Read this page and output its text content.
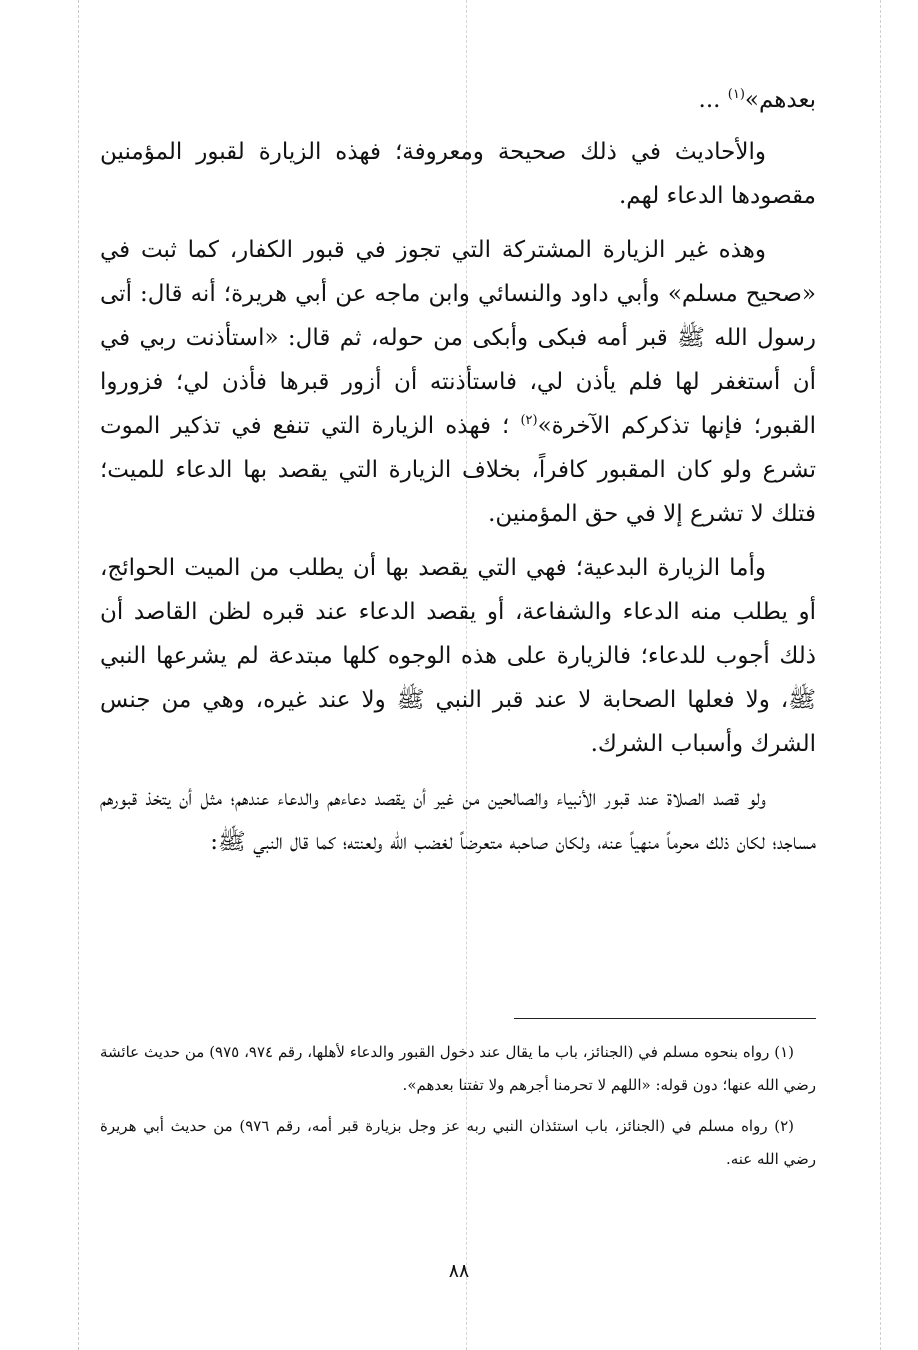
بعدهم»$^{(١)}$ ...

والأحاديث في ذلك صحيحة ومعروفة؛ فهذه الزيارة لقبور المؤمنين مقصودها الدعاء لهم.

وهذه غير الزيارة المشتركة التي تجوز في قبور الكفار، كما ثبت في «صحيح مسلم» وأبي داود والنسائي وابن ماجه عن أبي هريرة؛ أنه قال: أتى رسول الله ﷺ قبر أمه فبكى وأبكى من حوله، ثم قال: «استأذنت ربي في أن أستغفر لها فلم يأذن لي، فاستأذنته أن أزور قبرها فأذن لي؛ فزوروا القبور؛ فإنها تذكركم الآخرة»$^{(٢)}$ ؛ فهذه الزيارة التي تنفع في تذكير الموت تشرع ولو كان المقبور كافراً، بخلاف الزيارة التي يقصد بها الدعاء للميت؛ فتلك لا تشرع إلا في حق المؤمنين.

وأما الزيارة البدعية؛ فهي التي يقصد بها أن يطلب من الميت الحوائج، أو يطلب منه الدعاء والشفاعة، أو يقصد الدعاء عند قبره لظن القاصد أن ذلك أجوب للدعاء؛ فالزيارة على هذه الوجوه كلها مبتدعة لم يشرعها النبي ﷺ، ولا فعلها الصحابة لا عند قبر النبي ﷺ ولا عند غيره، وهي من جنس الشرك وأسباب الشرك.

ولو قصد الصلاة عند قبور الأنبياء والصالحين من غير أن يقصد دعاءهم والدعاء عندهم؛ مثل أن يتخذ قبورهم مساجد؛ لكان ذلك محرماً منهياً عنه، ولكان صاحبه متعرضاً لغضب الله ولعنته؛ كما قال النبي ﷺ:

(١) رواه بنحوه مسلم في (الجنائز، باب ما يقال عند دخول القبور والدعاء لأهلها، رقم ٩٧٤، ٩٧٥) من حديث عائشة رضي الله عنها؛ دون قوله: «اللهم لا تحرمنا أجرهم ولا تفتنا بعدهم».

(٢) رواه مسلم في (الجنائز، باب استئذان النبي ربه عز وجل بزيارة قبر أمه، رقم ٩٧٦) من حديث أبي هريرة رضي الله عنه.

٨٨
